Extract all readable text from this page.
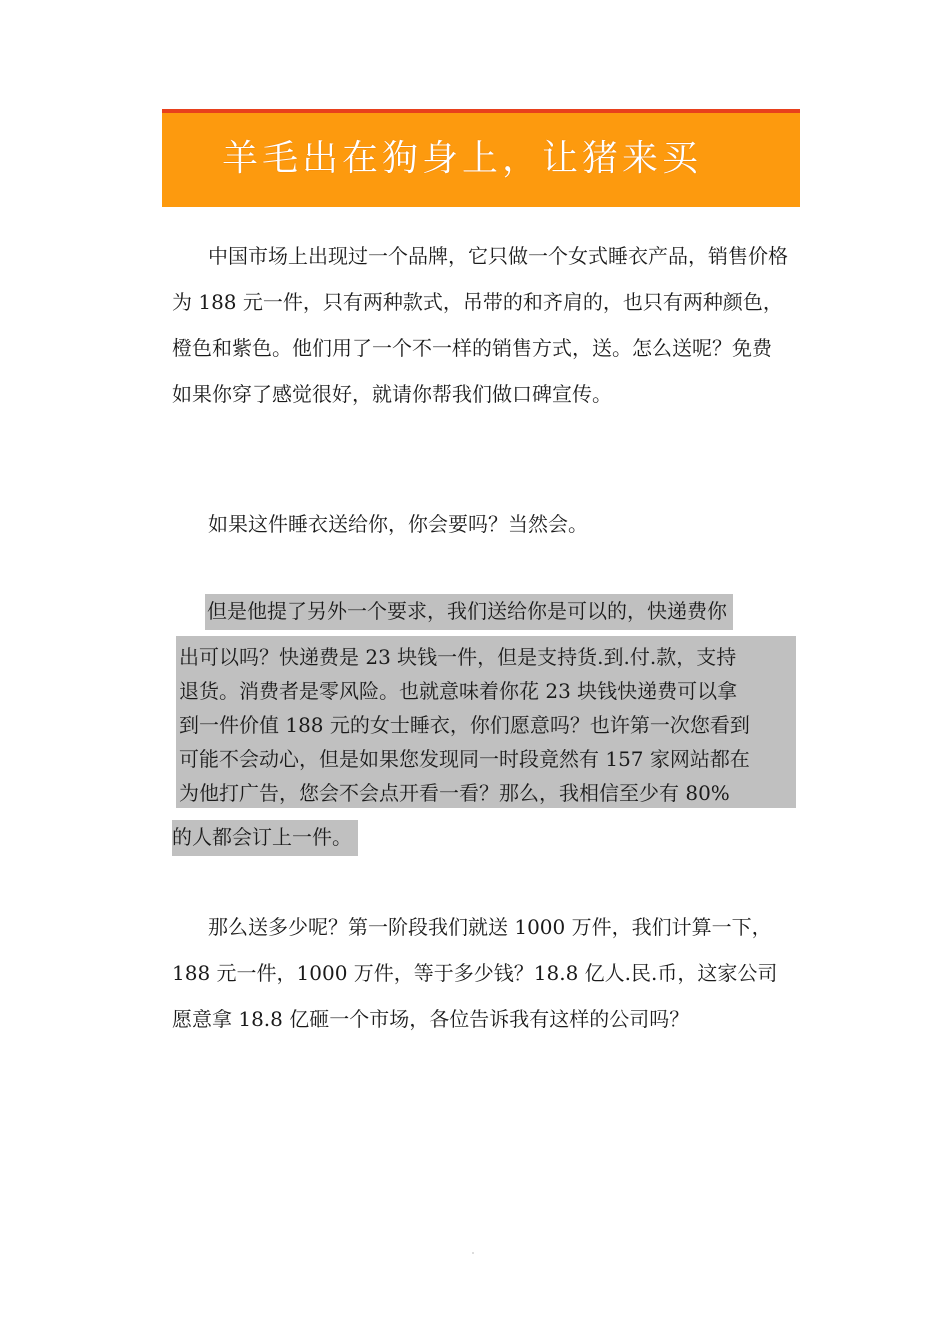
羊毛出在狗身上，让猪来买

中国市场上出现过一个品牌，它只做一个女式睡衣产品，销售价格为 188 元一件，只有两种款式，吊带的和齐肩的，也只有两种颜色，橙色和紫色。他们用了一个不一样的销售方式，送。怎么送呢？免费如果你穿了感觉很好，就请你帮我们做口碑宣传。

如果这件睡衣送给你，你会要吗？当然会。

但是他提了另外一个要求，我们送给你是可以的，快递费你
出可以吗？快递费是 23 块钱一件，但是支持货.到.付.款，支持
退货。消费者是零风险。也就意味着你花 23 块钱快递费可以拿
到一件价值 188 元的女士睡衣，你们愿意吗？也许第一次您看到
可能不会动心，但是如果您发现同一时段竟然有 157 家网站都在
为他打广告，您会不会点开看一看？那么，我相信至少有 80%
的人都会订上一件。

那么送多少呢？第一阶段我们就送 1000 万件，我们计算一下，188 元一件，1000 万件，等于多少钱？18.8 亿人.民.币，这家公司愿意拿 18.8 亿砸一个市场，各位告诉我有这样的公司吗？
